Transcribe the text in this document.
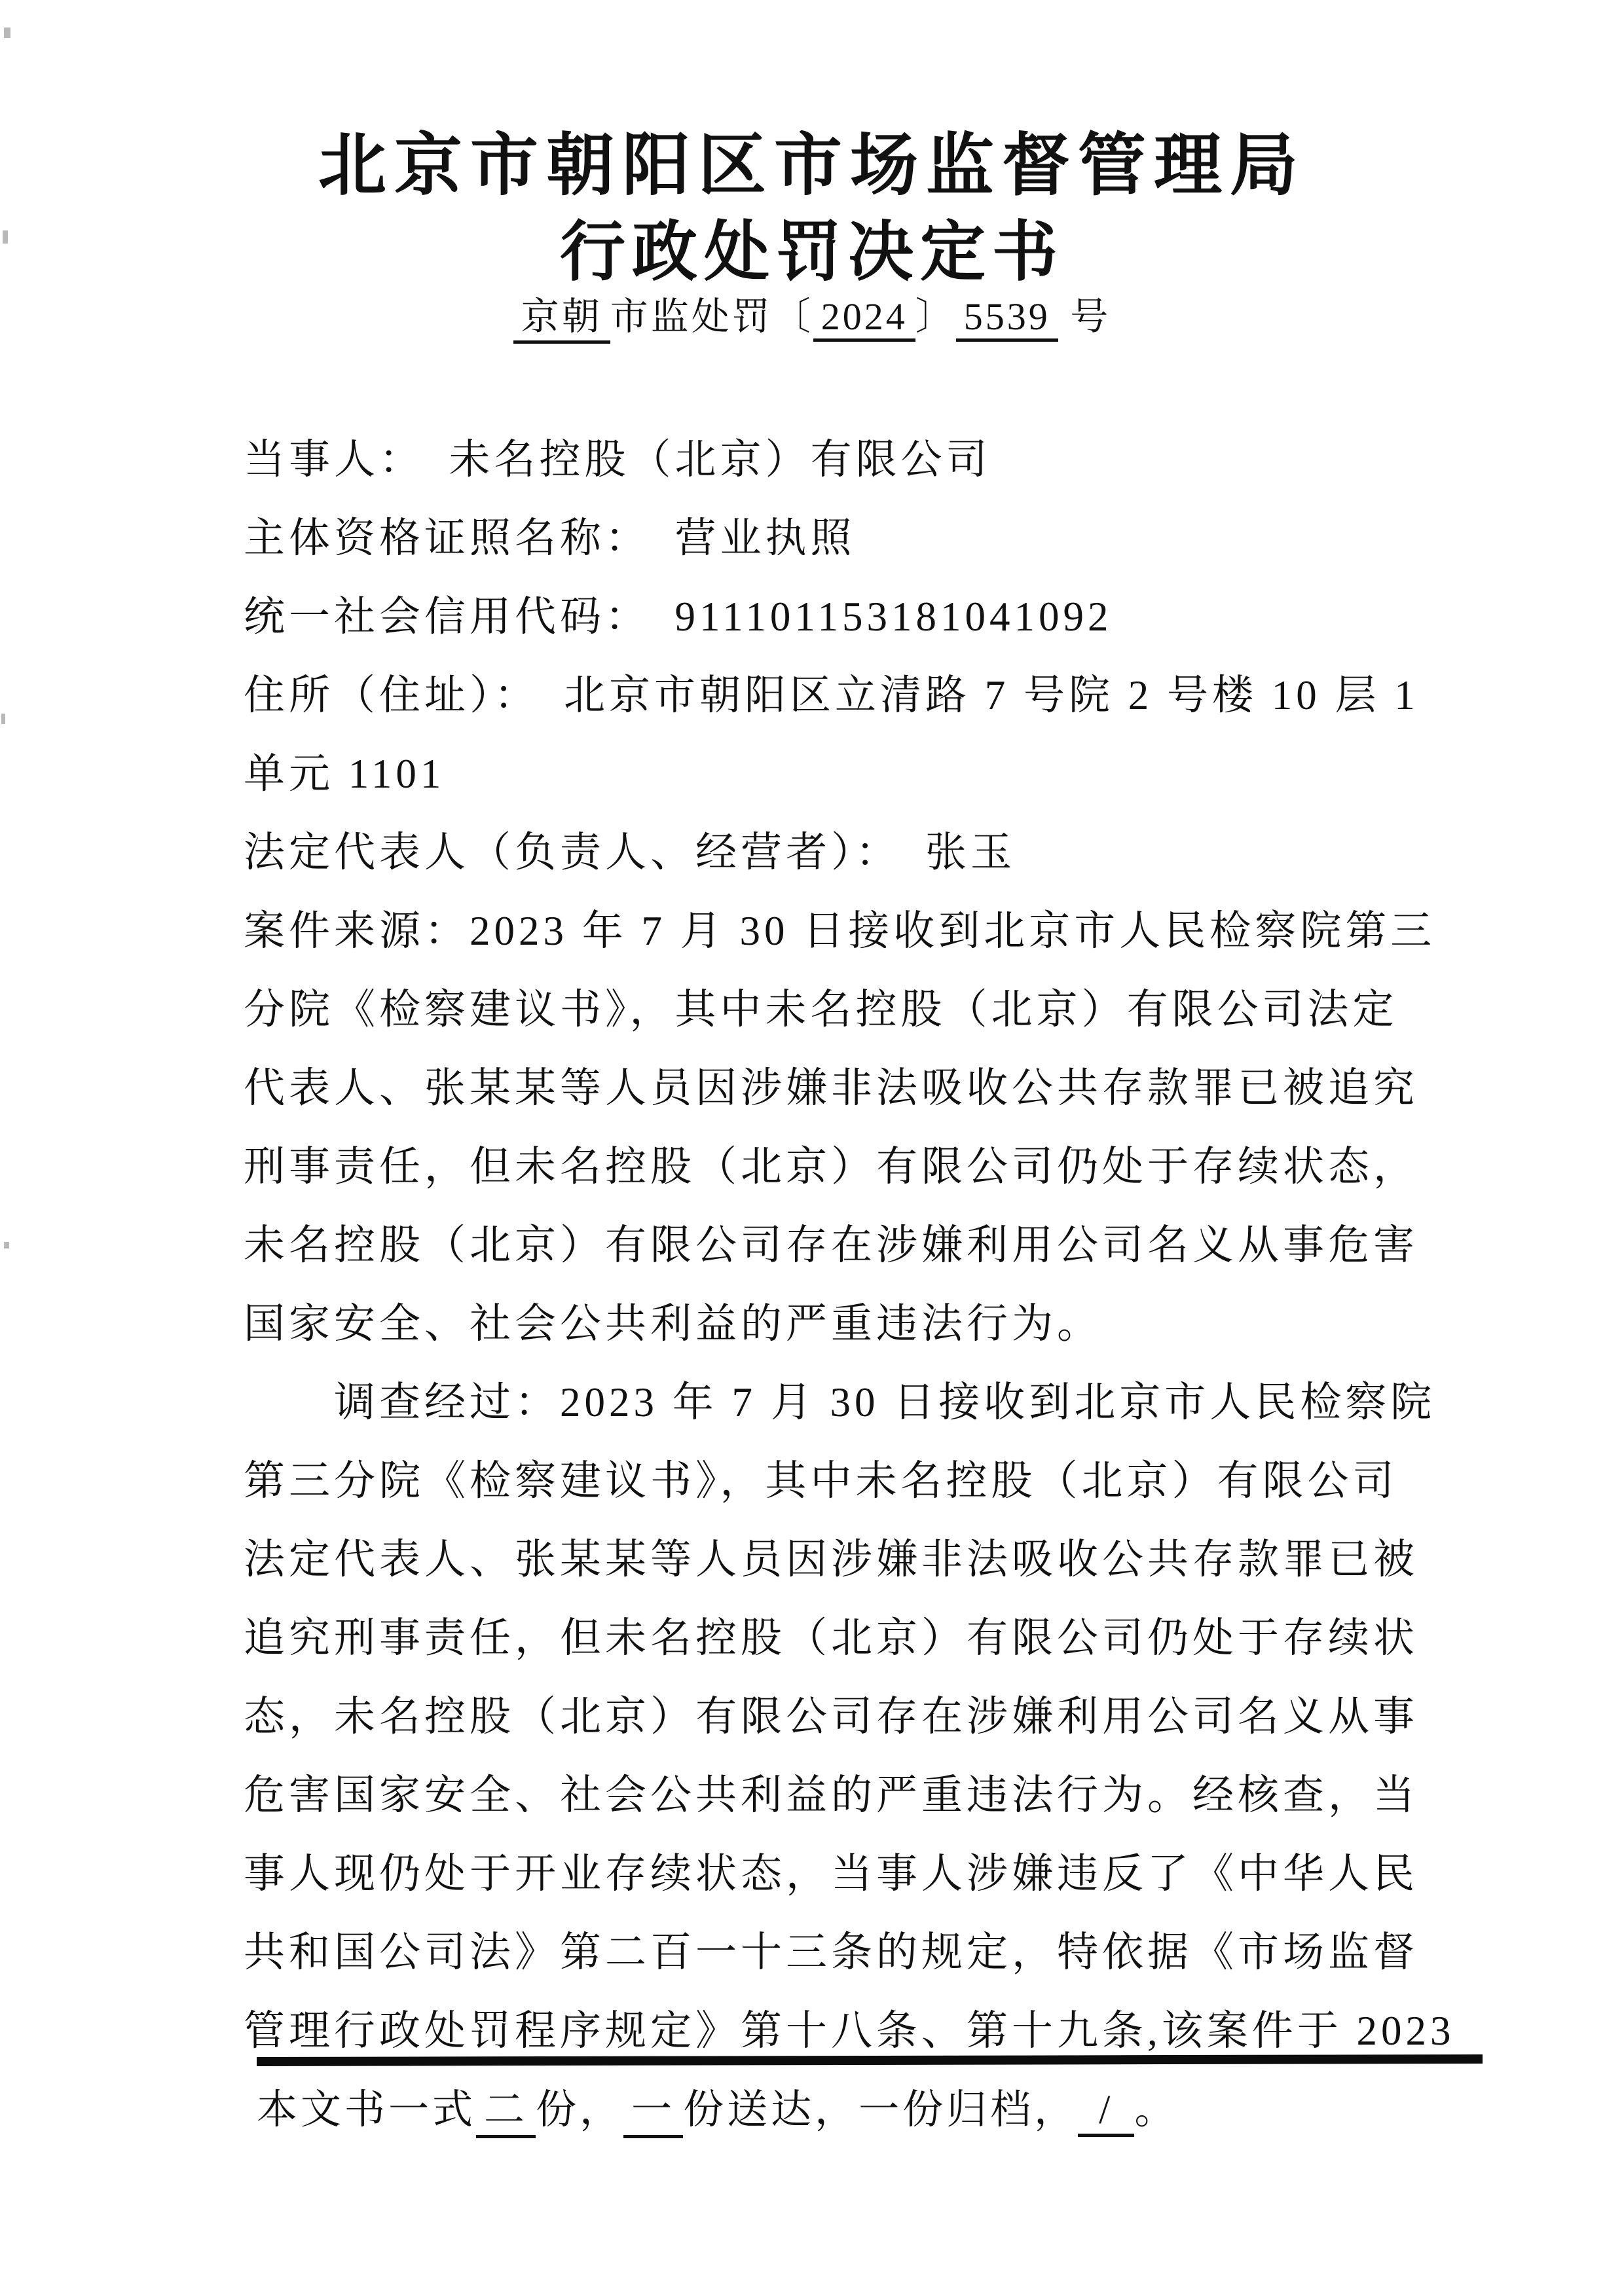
北京市朝阳区市场监督管理局
行政处罚决定书
京朝 市监处罚〔 2024 〕 5539 号
当事人：　未名控股（北京）有限公司
主体资格证照名称：　营业执照
统一社会信用代码：　911101153181041092
住所（住址）：　北京市朝阳区立清路 7 号院 2 号楼 10 层 1
单元 1101
法定代表人（负责人、经营者）：　张玉
案件来源：2023 年 7 月 30 日接收到北京市人民检察院第三
分院《检察建议书》，其中未名控股（北京）有限公司法定
代表人、张某某等人员因涉嫌非法吸收公共存款罪已被追究
刑事责任，但未名控股（北京）有限公司仍处于存续状态，
未名控股（北京）有限公司存在涉嫌利用公司名义从事危害
国家安全、社会公共利益的严重违法行为。
　　调查经过：2023 年 7 月 30 日接收到北京市人民检察院
第三分院《检察建议书》，其中未名控股（北京）有限公司
法定代表人、张某某等人员因涉嫌非法吸收公共存款罪已被
追究刑事责任，但未名控股（北京）有限公司仍处于存续状
态，未名控股（北京）有限公司存在涉嫌利用公司名义从事
危害国家安全、社会公共利益的严重违法行为。经核查，当
事人现仍处于开业存续状态，当事人涉嫌违反了《中华人民
共和国公司法》第二百一十三条的规定，特依据《市场监督
管理行政处罚程序规定》第十八条、第十九条,该案件于 2023
本文书一式 二 份， 一 份送达，一份归档， / 。
